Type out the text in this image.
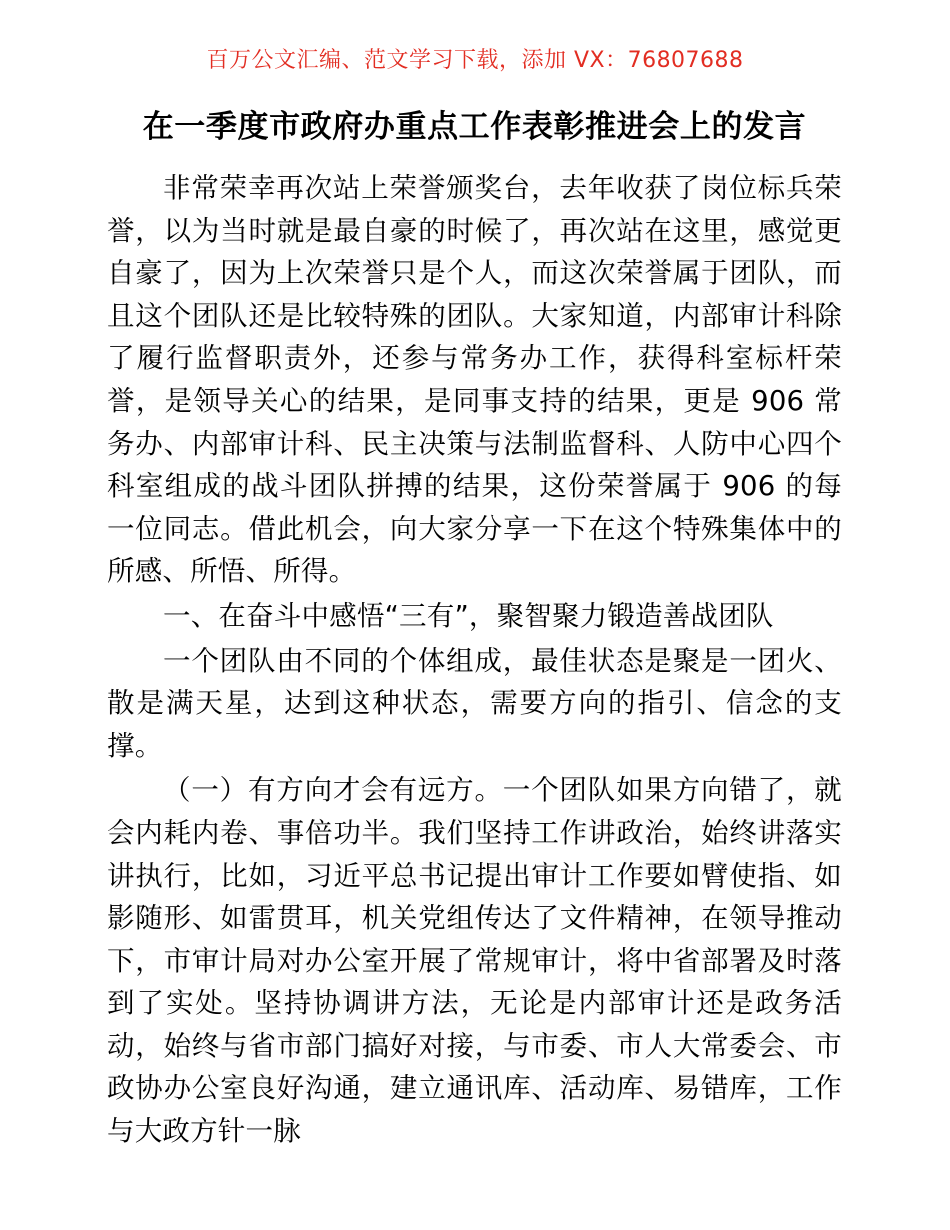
百万公文汇编、范文学习下载，添加 VX：76807688
在一季度市政府办重点工作表彰推进会上的发言

非常荣幸再次站上荣誉颁奖台，去年收获了岗位标兵荣誉，以为当时就是最自豪的时候了，再次站在这里，感觉更自豪了，因为上次荣誉只是个人，而这次荣誉属于团队，而且这个团队还是比较特殊的团队。大家知道，内部审计科除了履行监督职责外，还参与常务办工作，获得科室标杆荣誉，是领导关心的结果，是同事支持的结果，更是 906 常务办、内部审计科、民主决策与法制监督科、人防中心四个科室组成的战斗团队拼搏的结果，这份荣誉属于 906 的每一位同志。借此机会，向大家分享一下在这个特殊集体中的所感、所悟、所得。

一、在奋斗中感悟“三有”，聚智聚力锻造善战团队

一个团队由不同的个体组成，最佳状态是聚是一团火、散是满天星，达到这种状态，需要方向的指引、信念的支撑。

（一）有方向才会有远方。一个团队如果方向错了，就会内耗内卷、事倍功半。我们坚持工作讲政治，始终讲落实讲执行，比如，习近平总书记提出审计工作要如臂使指、如影随形、如雷贯耳，机关党组传达了文件精神，在领导推动下，市审计局对办公室开展了常规审计，将中省部署及时落到了实处。坚持协调讲方法，无论是内部审计还是政务活动，始终与省市部门搞好对接，与市委、市人大常委会、市政协办公室良好沟通，建立通讯库、活动库、易错库，工作与大政方针一脉
